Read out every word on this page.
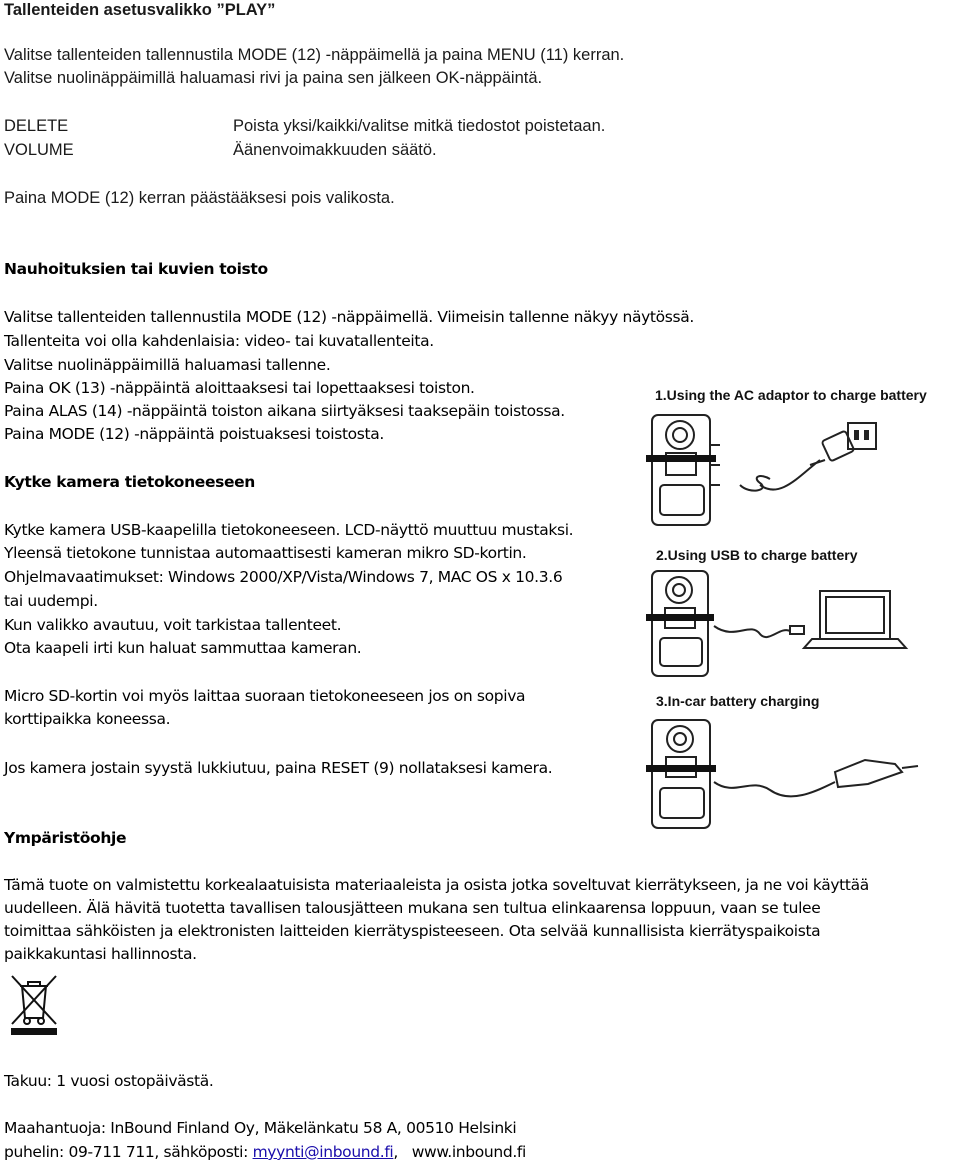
Tallenteiden asetusvalikko ”PLAY”
Valitse tallenteiden tallennustila MODE (12) -näppäimellä ja paina MENU (11) kerran.
Valitse nuolinäppäimillä haluamasi rivi ja paina sen jälkeen OK-näppäintä.
DELETE	Poista yksi/kaikki/valitse mitkä tiedostot poistetaan.
VOLUME	Äänenvoimakkuuden säätö.
Paina MODE (12) kerran päästääksesi pois valikosta.
Nauhoituksien tai kuvien toisto
Valitse tallenteiden tallennustila MODE (12) -näppäimellä. Viimeisin tallenne näkyy näytössä.
Tallenteita voi olla kahdenlaisia: video- tai kuvatallenteita.
Valitse nuolinäppäimillä haluamasi tallenne.
Paina OK (13) -näppäintä aloittaaksesi tai lopettaaksesi toiston.
Paina ALAS (14) -näppäintä toiston aikana siirtyäksesi taaksepäin toistossa.
Paina MODE (12) -näppäintä poistuaksesi toistosta.
Kytke kamera tietokoneeseen
Kytke kamera USB-kaapelilla tietokoneeseen. LCD-näyttö muuttuu mustaksi.
Yleensä tietokone tunnistaa automaattisesti kameran mikro SD-kortin.
Ohjelmavaatimukset: Windows 2000/XP/Vista/Windows 7, MAC OS x 10.3.6
tai uudempi.
Kun valikko avautuu, voit tarkistaa tallenteet.
Ota kaapeli irti kun haluat sammuttaa kameran.
Micro SD-kortin voi myös laittaa suoraan tietokoneeseen jos on sopiva
korttipaikka koneessa.
Jos kamera jostain syystä lukkiutuu, paina RESET (9) nollataksesi kamera.
1.Using the AC adaptor to charge battery
2.Using USB to charge battery
3.In-car battery charging
Ympäristöohje
Tämä tuote on valmistettu korkealaatuisista materiaaleista ja osista jotka soveltuvat kierrätykseen, ja ne voi käyttää
uudelleen. Älä hävitä tuotetta tavallisen talousjätteen mukana sen tultua elinkaarensa loppuun, vaan se tulee
toimittaa sähköisten ja elektronisten laitteiden kierrätyspisteeseen. Ota selvää kunnallisista kierrätyspaikoista
paikkakuntasi hallinnosta.
Takuu: 1 vuosi ostopäivästä.
Maahantuoja: InBound Finland Oy, Mäkelänkatu 58 A, 00510 Helsinki
puhelin: 09-711 711, sähköposti: myynti@inbound.fi, www.inbound.fi
